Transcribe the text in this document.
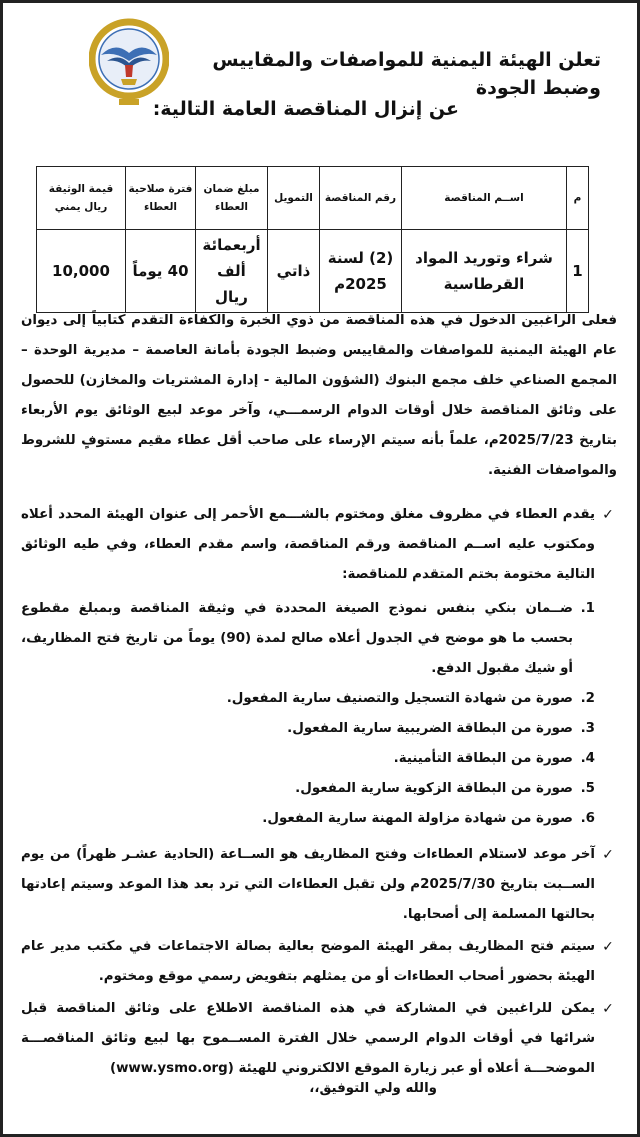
تعلن الهيئة اليمنية للمواصفات والمقاييس وضبط الجودة
عن إنزال المناقصة العامة التالية:
م	اســم المناقصة	رقم المناقصة	التمويل	مبلغ ضمان العطاء	فترة صلاحية العطاء	قيمة الوثيقة ريال يمني
1	شراء وتوريد المواد القرطاسية	(2) لسنة 2025م	ذاتي	أربعمائة ألف ريال	40 يوماً	10,000

فعلى الراغبين الدخول في هذه المناقصة من ذوي الخبرة والكفاءة التقدم كتابياً إلى ديوان عام الهيئة اليمنية للمواصفات والمقاييس وضبط الجودة بأمانة العاصمة – مديرية الوحدة – المجمع الصناعي خلف مجمع البنوك (الشؤون المالية - إدارة المشتريات والمخازن) للحصول على وثائق المناقصة خلال أوقات الدوام الرسمـــي، وآخر موعد لبيع الوثائق يوم الأربعاء بتاريخ 2025/7/23م، علماً بأنه سيتم الإرساء على صاحب أقل عطاء مقيم مستوفٍ للشروط والمواصفات الفنية.

✓
يقدم العطاء في مظروف مغلق ومختوم بالشـــمع الأحمر إلى عنوان الهيئة المحدد أعلاه ومكتوب عليه اســم المناقصة ورقم المناقصة، واسم مقدم العطاء، وفي طيه الوثائق التالية مختومة بختم المتقدم للمناقصة:
1.
ضــمان بنكي بنفس نموذج الصيغة المحددة في وثيقة المناقصة وبمبلغ مقطوع بحسب ما هو موضح في الجدول أعلاه صالح لمدة (90) يوماً من تاريخ فتح المظاريف، أو شيك مقبول الدفع.
2.
صورة من شهادة التسجيل والتصنيف سارية المفعول.
3.
صورة من البطاقة الضريبية سارية المفعول.
4.
صورة من البطاقة التأمينية.
5.
صورة من البطاقة الزكوية سارية المفعول.
6.
صورة من شهادة مزاولة المهنة سارية المفعول.
✓
آخر موعد لاستلام العطاءات وفتح المظاريف هو الســاعة (الحادية عشـر ظهراً) من يوم الســبت بتاريخ 2025/7/30م ولن تقبل العطاءات التي ترد بعد هذا الموعد وسيتم إعادتها بحالتها المسلمة إلى أصحابها.
✓
سيتم فتح المظاريف بمقر الهيئة الموضح بعالية بصالة الاجتماعات في مكتب مدير عام الهيئة بحضور أصحاب العطاءات أو من يمثلهم بتفويض رسمي موقع ومختوم.
✓
يمكن للراغبين في المشاركة في هذه المناقصة الاطلاع على وثائق المناقصة قبل شرائها في أوقات الدوام الرسمي خلال الفترة المســموح بها لبيع وثائق المناقصـــة الموضحـــة أعلاه أو عبر زيارة الموقع الالكتروني للهيئة (www.ysmo.org)
والله ولي التوفيق،،
